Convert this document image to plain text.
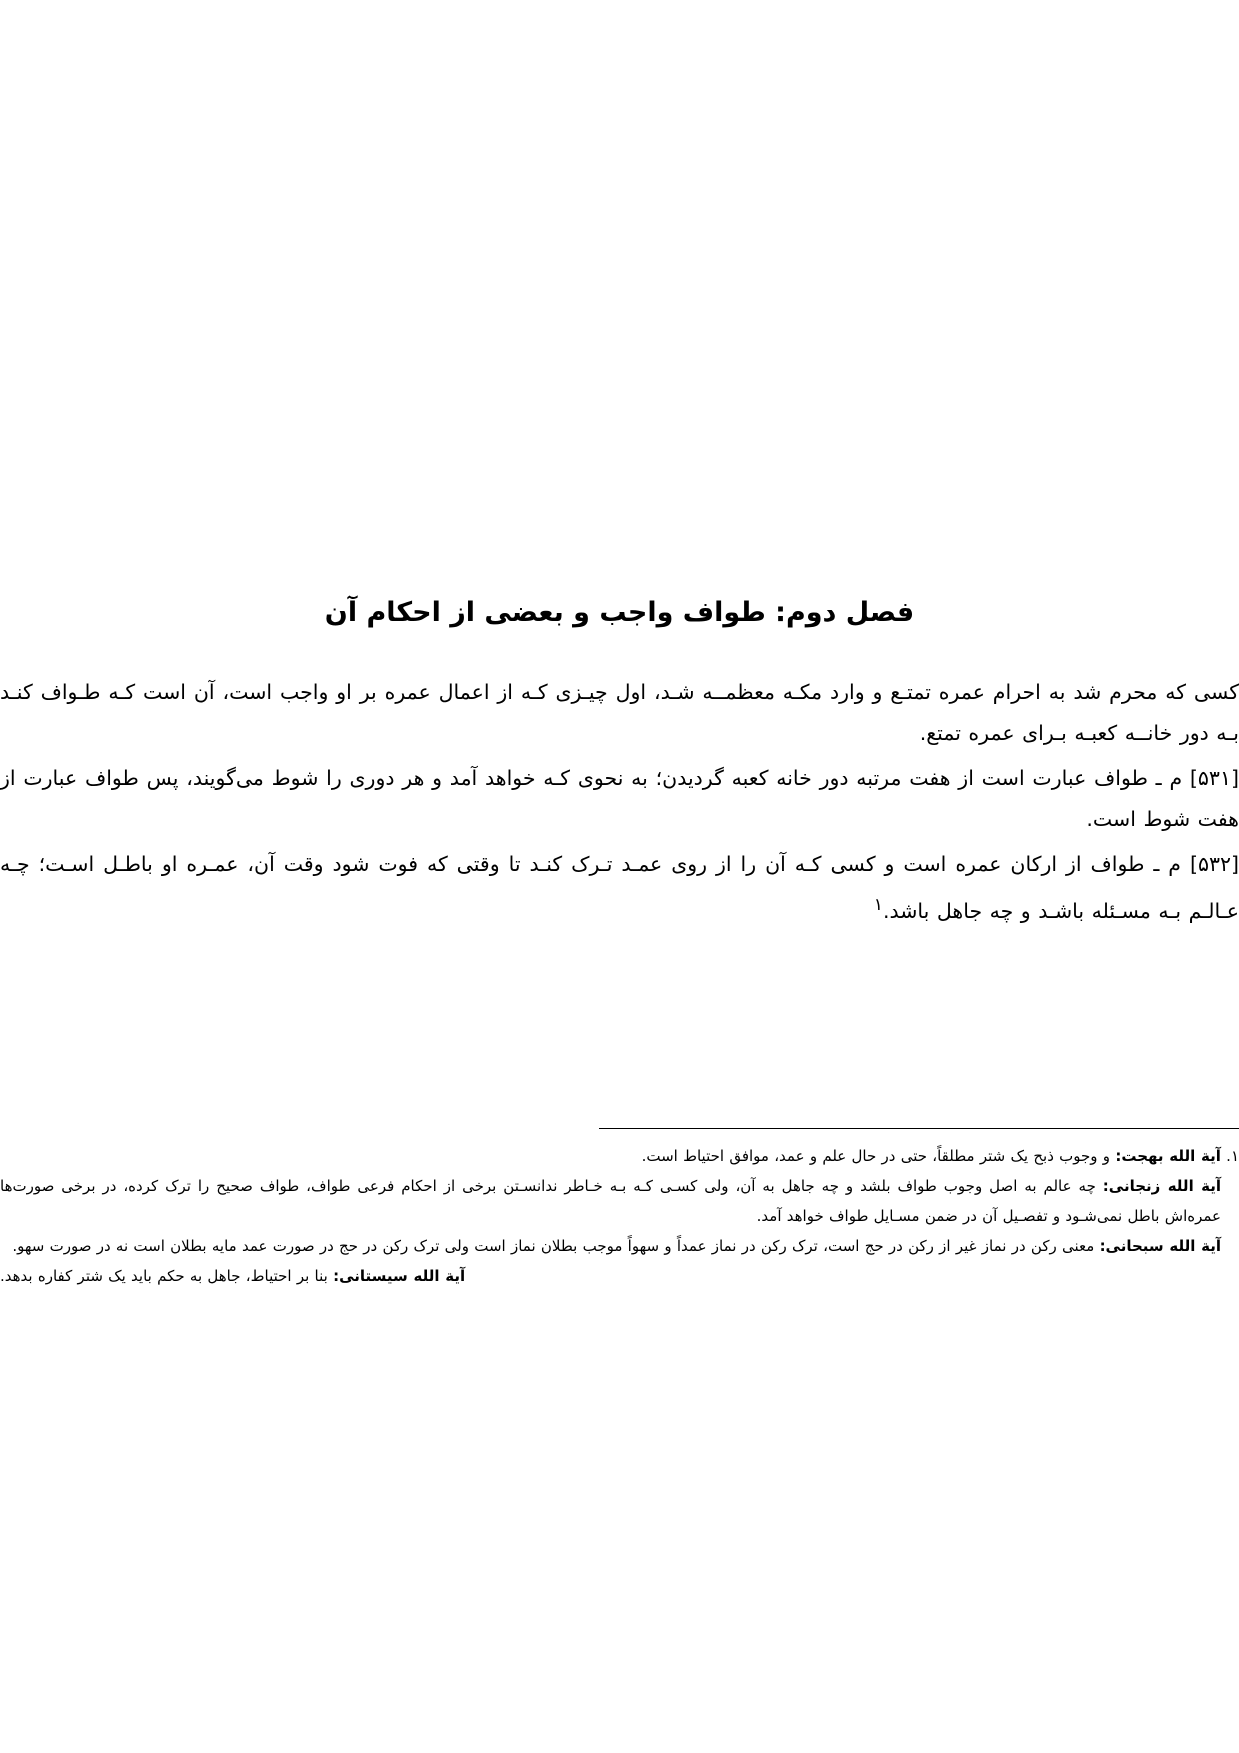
فصل دوم: طواف واجب و بعضی از احکام آن

کسی که محرم شد به احرام عمره تمتـع و وارد مکـه معظمــه شـد، اول چیـزی کـه از اعمال عمره بر او واجب است، آن است کـه طـواف کنـد بـه دور خانــه کعبـه بـرای عمره تمتع.

[۵۳۱] م ـ طواف عبارت است از هفت مرتبه دور خانه کعبه گردیدن؛ به نحوی کـه خواهد آمد و هر دوری را شوط می‌گویند، پس طواف عبارت از هفت شوط است.

[۵۳۲] م ـ طواف از ارکان عمره است و کسی کـه آن را از روی عمـد تـرک کنـد تا وقتی که فوت شود وقت آن، عمـره او باطـل اسـت؛ چـه عـالـم بـه مسـئله باشـد و چه جاهل باشد.$^۱$

۱. آیة الله بهجت: و وجوب ذبح یک شتر مطلقاً، حتی در حال علم و عمد، موافق احتیاط است.

آیة الله زنجانی: چه عالم به اصل وجوب طواف بلشد و چه جاهل به آن، ولی کسـی کـه بـه خـاطر ندانسـتن برخی از احکام فرعی طواف، طواف صحیح را ترک کرده، در برخی صورت‌ها عمره‌اش باطل نمی‌شـود و تفصـیل آن در ضمن مسـایل طواف خواهد آمد.

آیة الله سبحانی: معنی رکن در نماز غیر از رکن در حج است، ترک رکن در نماز عمداً و سهواً موجب بطلان نماز است ولی ترک رکن در حج در صورت عمد مایه بطلان است نه در صورت سهو.

آیة الله سیستانی: بنا بر احتیاط، جاهل به حکم باید یک شتر کفاره بدهد.
